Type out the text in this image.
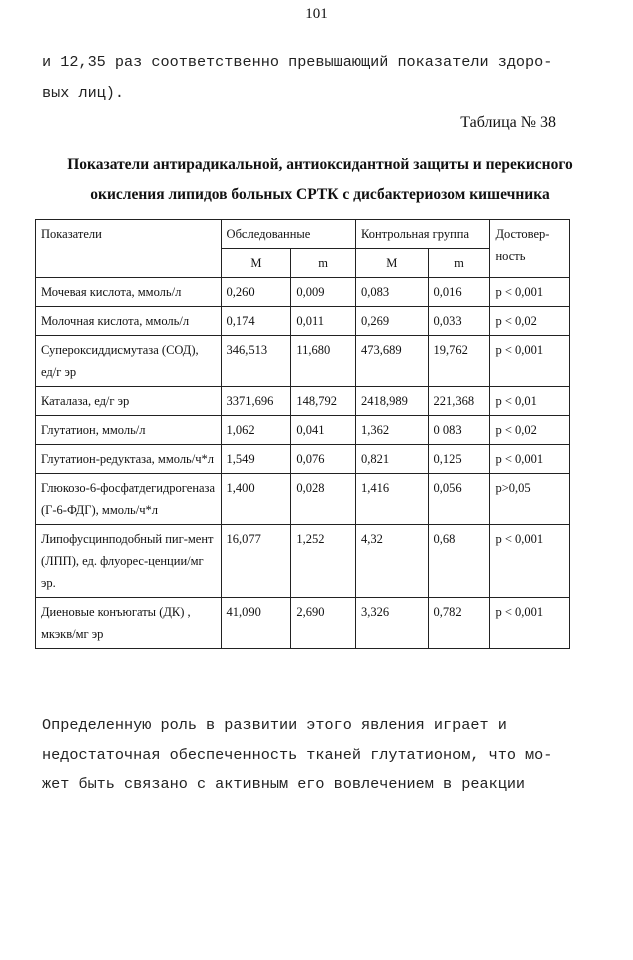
101
и 12,35 раз соответственно превышающий показатели здоро-
вых лиц).
Таблица № 38
Показатели антирадикальной, антиоксидантной защиты и перекисного
окисления липидов больных СРТК с дисбактериозом кишечника
Показатели	Обследованные		Контрольная группа		Достовер-ность
	М	m	М	m	
Мочевая кислота, ммоль/л	0,260	0,009	0,083	0,016	p < 0,001
Молочная кислота, ммоль/л	0,174	0,011	0,269	0,033	p < 0,02
Супероксиддисмутаза (СОД), ед/г эр	346,513	11,680	473,689	19,762	p < 0,001
Каталаза, ед/г эр	3371,696	148,792	2418,989	221,368	p < 0,01
Глутатион, ммоль/л	1,062	0,041	1,362	0 083	p < 0,02
Глутатион-редуктаза, ммоль/ч*л	1,549	0,076	0,821	0,125	p < 0,001
Глюкозо-6-фосфатдегидрогеназа (Г-6-ФДГ), ммоль/ч*л	1,400	0,028	1,416	0,056	p>0,05
Липофусцинподобный пиг-мент (ЛПП), ед. флуорес-ценции/мг эр.	16,077	1,252	4,32	0,68	p < 0,001
Диеновые конъюгаты (ДК) , мкэкв/мг эр	41,090	2,690	3,326	0,782	p < 0,001
Определенную роль в развитии этого явления играет и
недостаточная обеспеченность тканей глутатионом, что мо-
жет быть связано с активным его вовлечением в реакции
